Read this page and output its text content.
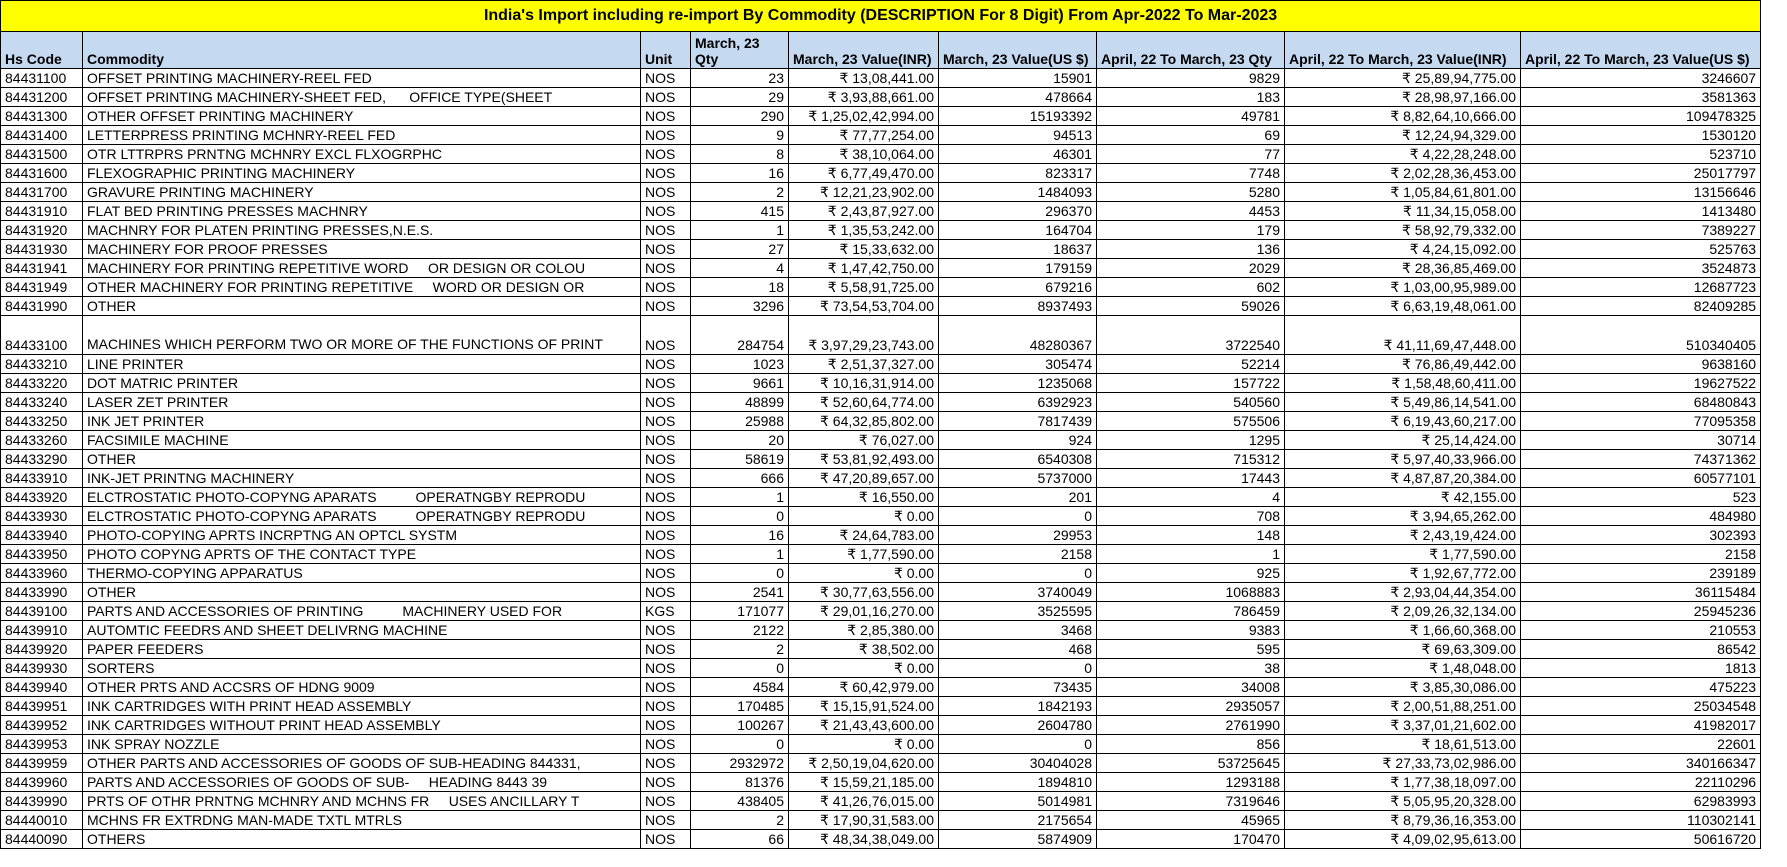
India's Import including re-import By Commodity (DESCRIPTION For 8 Digit) From Apr-2022 To Mar-2023								
Hs Code	Commodity	Unit	March, 23 Qty	March, 23 Value(INR)	March, 23 Value(US $)	April, 22 To March, 23 Qty	April, 22 To March, 23 Value(INR)	April, 22 To March, 23 Value(US $)
84431100	OFFSET PRINTING MACHINERY-REEL FED	NOS	23	₹ 13,08,441.00	15901	9829	₹ 25,89,94,775.00	3246607
84431200	OFFSET PRINTING MACHINERY-SHEET FED,      OFFICE TYPE(SHEET	NOS	29	₹ 3,93,88,661.00	478664	183	₹ 28,98,97,166.00	3581363
84431300	OTHER OFFSET PRINTING MACHINERY	NOS	290	₹ 1,25,02,42,994.00	15193392	49781	₹ 8,82,64,10,666.00	109478325
84431400	LETTERPRESS PRINTING MCHNRY-REEL FED	NOS	9	₹ 77,77,254.00	94513	69	₹ 12,24,94,329.00	1530120
84431500	OTR LTTRPRS PRNTNG MCHNRY EXCL FLXOGRPHC	NOS	8	₹ 38,10,064.00	46301	77	₹ 4,22,28,248.00	523710
84431600	FLEXOGRAPHIC PRINTING MACHINERY	NOS	16	₹ 6,77,49,470.00	823317	7748	₹ 2,02,28,36,453.00	25017797
84431700	GRAVURE PRINTING MACHINERY	NOS	2	₹ 12,21,23,902.00	1484093	5280	₹ 1,05,84,61,801.00	13156646
84431910	FLAT BED PRINTING PRESSES MACHNRY	NOS	415	₹ 2,43,87,927.00	296370	4453	₹ 11,34,15,058.00	1413480
84431920	MACHNRY FOR PLATEN PRINTING PRESSES,N.E.S.	NOS	1	₹ 1,35,53,242.00	164704	179	₹ 58,92,79,332.00	7389227
84431930	MACHINERY FOR PROOF PRESSES	NOS	27	₹ 15,33,632.00	18637	136	₹ 4,24,15,092.00	525763
84431941	MACHINERY FOR PRINTING REPETITIVE WORD     OR DESIGN OR COLOU	NOS	4	₹ 1,47,42,750.00	179159	2029	₹ 28,36,85,469.00	3524873
84431949	OTHER MACHINERY FOR PRINTING REPETITIVE     WORD OR DESIGN OR	NOS	18	₹ 5,58,91,725.00	679216	602	₹ 1,03,00,95,989.00	12687723
84431990	OTHER	NOS	3296	₹ 73,54,53,704.00	8937493	59026	₹ 6,63,19,48,061.00	82409285
84433100	MACHINES WHICH PERFORM TWO OR MORE OF THE FUNCTIONS OF PRINT	NOS	284754	₹ 3,97,29,23,743.00	48280367	3722540	₹ 41,11,69,47,448.00	510340405
84433210	LINE PRINTER	NOS	1023	₹ 2,51,37,327.00	305474	52214	₹ 76,86,49,442.00	9638160
84433220	DOT MATRIC PRINTER	NOS	9661	₹ 10,16,31,914.00	1235068	157722	₹ 1,58,48,60,411.00	19627522
84433240	LASER ZET PRINTER	NOS	48899	₹ 52,60,64,774.00	6392923	540560	₹ 5,49,86,14,541.00	68480843
84433250	INK JET PRINTER	NOS	25988	₹ 64,32,85,802.00	7817439	575506	₹ 6,19,43,60,217.00	77095358
84433260	FACSIMILE MACHINE	NOS	20	₹ 76,027.00	924	1295	₹ 25,14,424.00	30714
84433290	OTHER	NOS	58619	₹ 53,81,92,493.00	6540308	715312	₹ 5,97,40,33,966.00	74371362
84433910	INK-JET PRINTNG MACHINERY	NOS	666	₹ 47,20,89,657.00	5737000	17443	₹ 4,87,87,20,384.00	60577101
84433920	ELCTROSTATIC PHOTO-COPYNG APARATS          OPERATNGBY REPRODU	NOS	1	₹ 16,550.00	201	4	₹ 42,155.00	523
84433930	ELCTROSTATIC PHOTO-COPYNG APARATS          OPERATNGBY REPRODU	NOS	0	₹ 0.00	0	708	₹ 3,94,65,262.00	484980
84433940	PHOTO-COPYING APRTS INCRPTNG AN OPTCL SYSTM	NOS	16	₹ 24,64,783.00	29953	148	₹ 2,43,19,424.00	302393
84433950	PHOTO COPYNG APRTS OF THE CONTACT TYPE	NOS	1	₹ 1,77,590.00	2158	1	₹ 1,77,590.00	2158
84433960	THERMO-COPYING APPARATUS	NOS	0	₹ 0.00	0	925	₹ 1,92,67,772.00	239189
84433990	OTHER	NOS	2541	₹ 30,77,63,556.00	3740049	1068883	₹ 2,93,04,44,354.00	36115484
84439100	PARTS AND ACCESSORIES OF PRINTING          MACHINERY USED FOR	KGS	171077	₹ 29,01,16,270.00	3525595	786459	₹ 2,09,26,32,134.00	25945236
84439910	AUTOMTIC FEEDRS AND SHEET DELIVRNG MACHINE	NOS	2122	₹ 2,85,380.00	3468	9383	₹ 1,66,60,368.00	210553
84439920	PAPER FEEDERS	NOS	2	₹ 38,502.00	468	595	₹ 69,63,309.00	86542
84439930	SORTERS	NOS	0	₹ 0.00	0	38	₹ 1,48,048.00	1813
84439940	OTHER PRTS AND ACCSRS OF HDNG 9009	NOS	4584	₹ 60,42,979.00	73435	34008	₹ 3,85,30,086.00	475223
84439951	INK CARTRIDGES WITH PRINT HEAD ASSEMBLY	NOS	170485	₹ 15,15,91,524.00	1842193	2935057	₹ 2,00,51,88,251.00	25034548
84439952	INK CARTRIDGES WITHOUT PRINT HEAD ASSEMBLY	NOS	100267	₹ 21,43,43,600.00	2604780	2761990	₹ 3,37,01,21,602.00	41982017
84439953	INK SPRAY NOZZLE	NOS	0	₹ 0.00	0	856	₹ 18,61,513.00	22601
84439959	OTHER PARTS AND ACCESSORIES OF GOODS OF SUB-HEADING 844331,	NOS	2932972	₹ 2,50,19,04,620.00	30404028	53725645	₹ 27,33,73,02,986.00	340166347
84439960	PARTS AND ACCESSORIES OF GOODS OF SUB-     HEADING 8443 39	NOS	81376	₹ 15,59,21,185.00	1894810	1293188	₹ 1,77,38,18,097.00	22110296
84439990	PRTS OF OTHR PRNTNG MCHNRY AND MCHNS FR     USES ANCILLARY T	NOS	438405	₹ 41,26,76,015.00	5014981	7319646	₹ 5,05,95,20,328.00	62983993
84440010	MCHNS FR EXTRDNG MAN-MADE TXTL MTRLS	NOS	2	₹ 17,90,31,583.00	2175654	45965	₹ 8,79,36,16,353.00	110302141
84440090	OTHERS	NOS	66	₹ 48,34,38,049.00	5874909	170470	₹ 4,09,02,95,613.00	50616720
